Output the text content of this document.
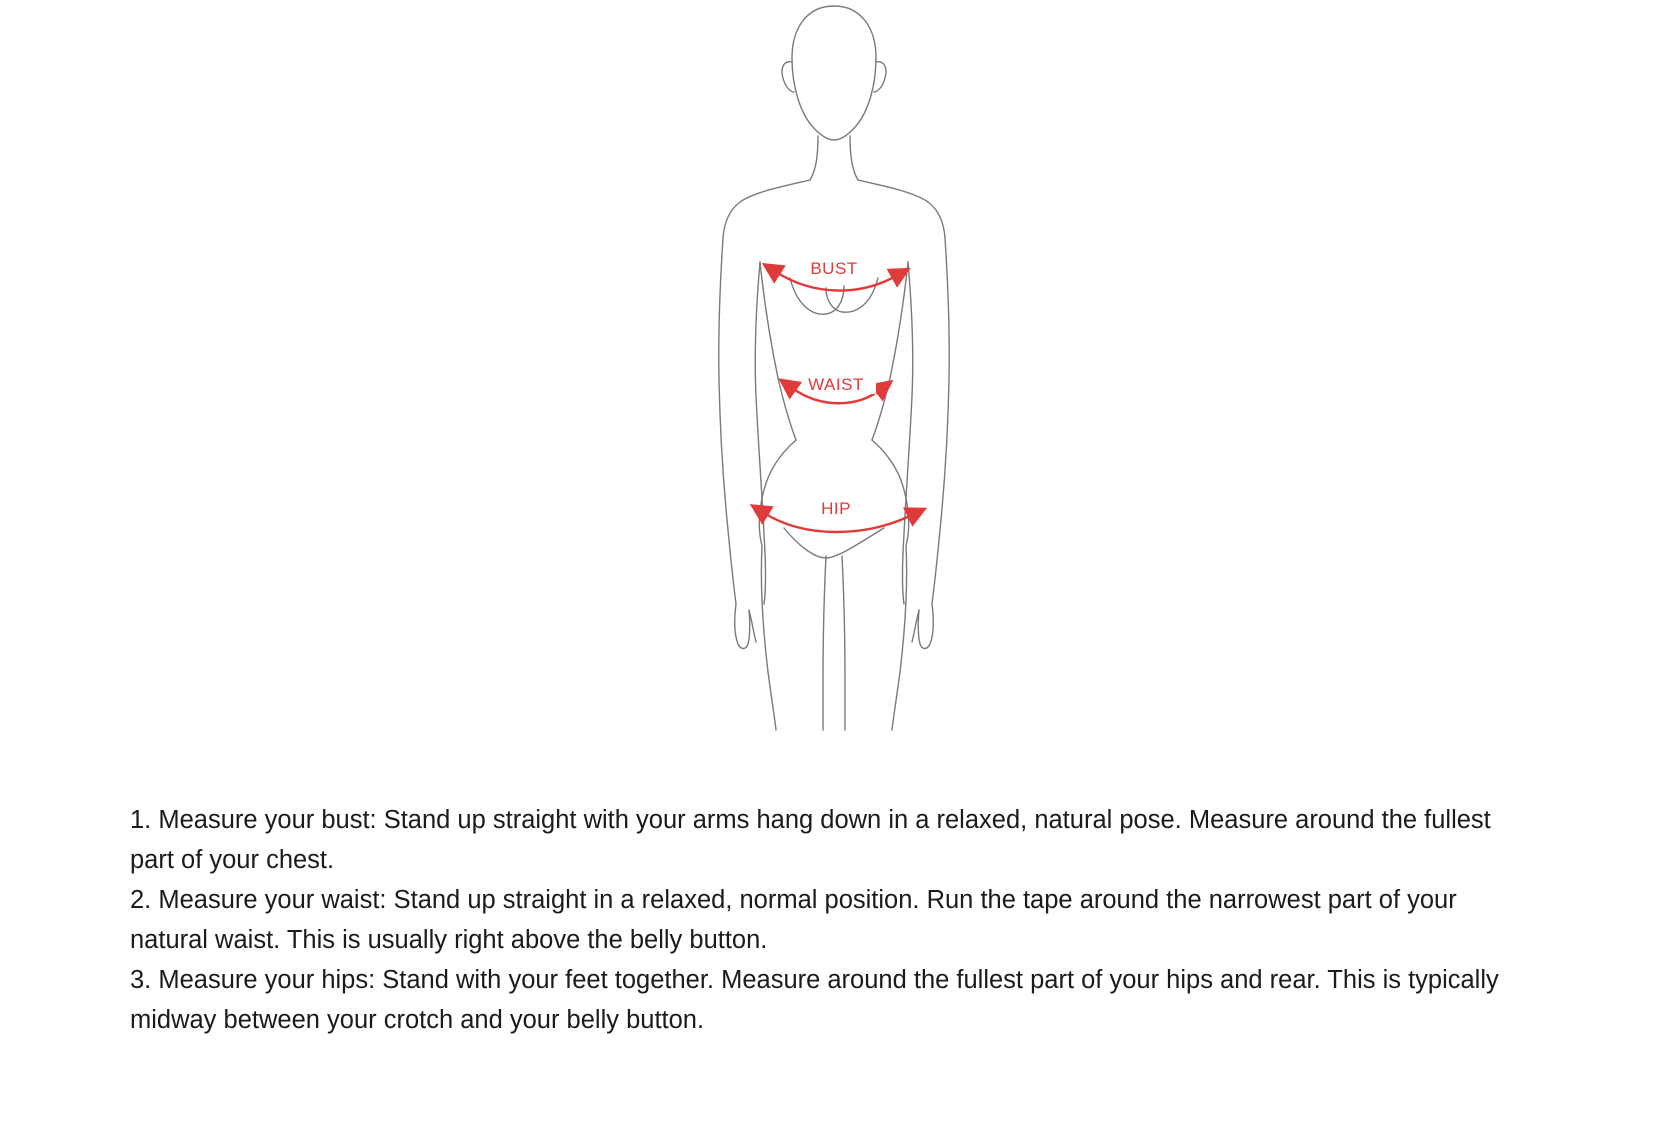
BUST
WAIST
HIP

1. Measure your bust: Stand up straight with your arms hang down in a relaxed, natural pose. Measure around the fullest part of your chest.

2. Measure your waist: Stand up straight in a relaxed, normal position. Run the tape around the narrowest part of your natural waist. This is usually right above the belly button.

3. Measure your hips: Stand with your feet together. Measure around the fullest part of your hips and rear. This is typically midway between your crotch and your belly button.
